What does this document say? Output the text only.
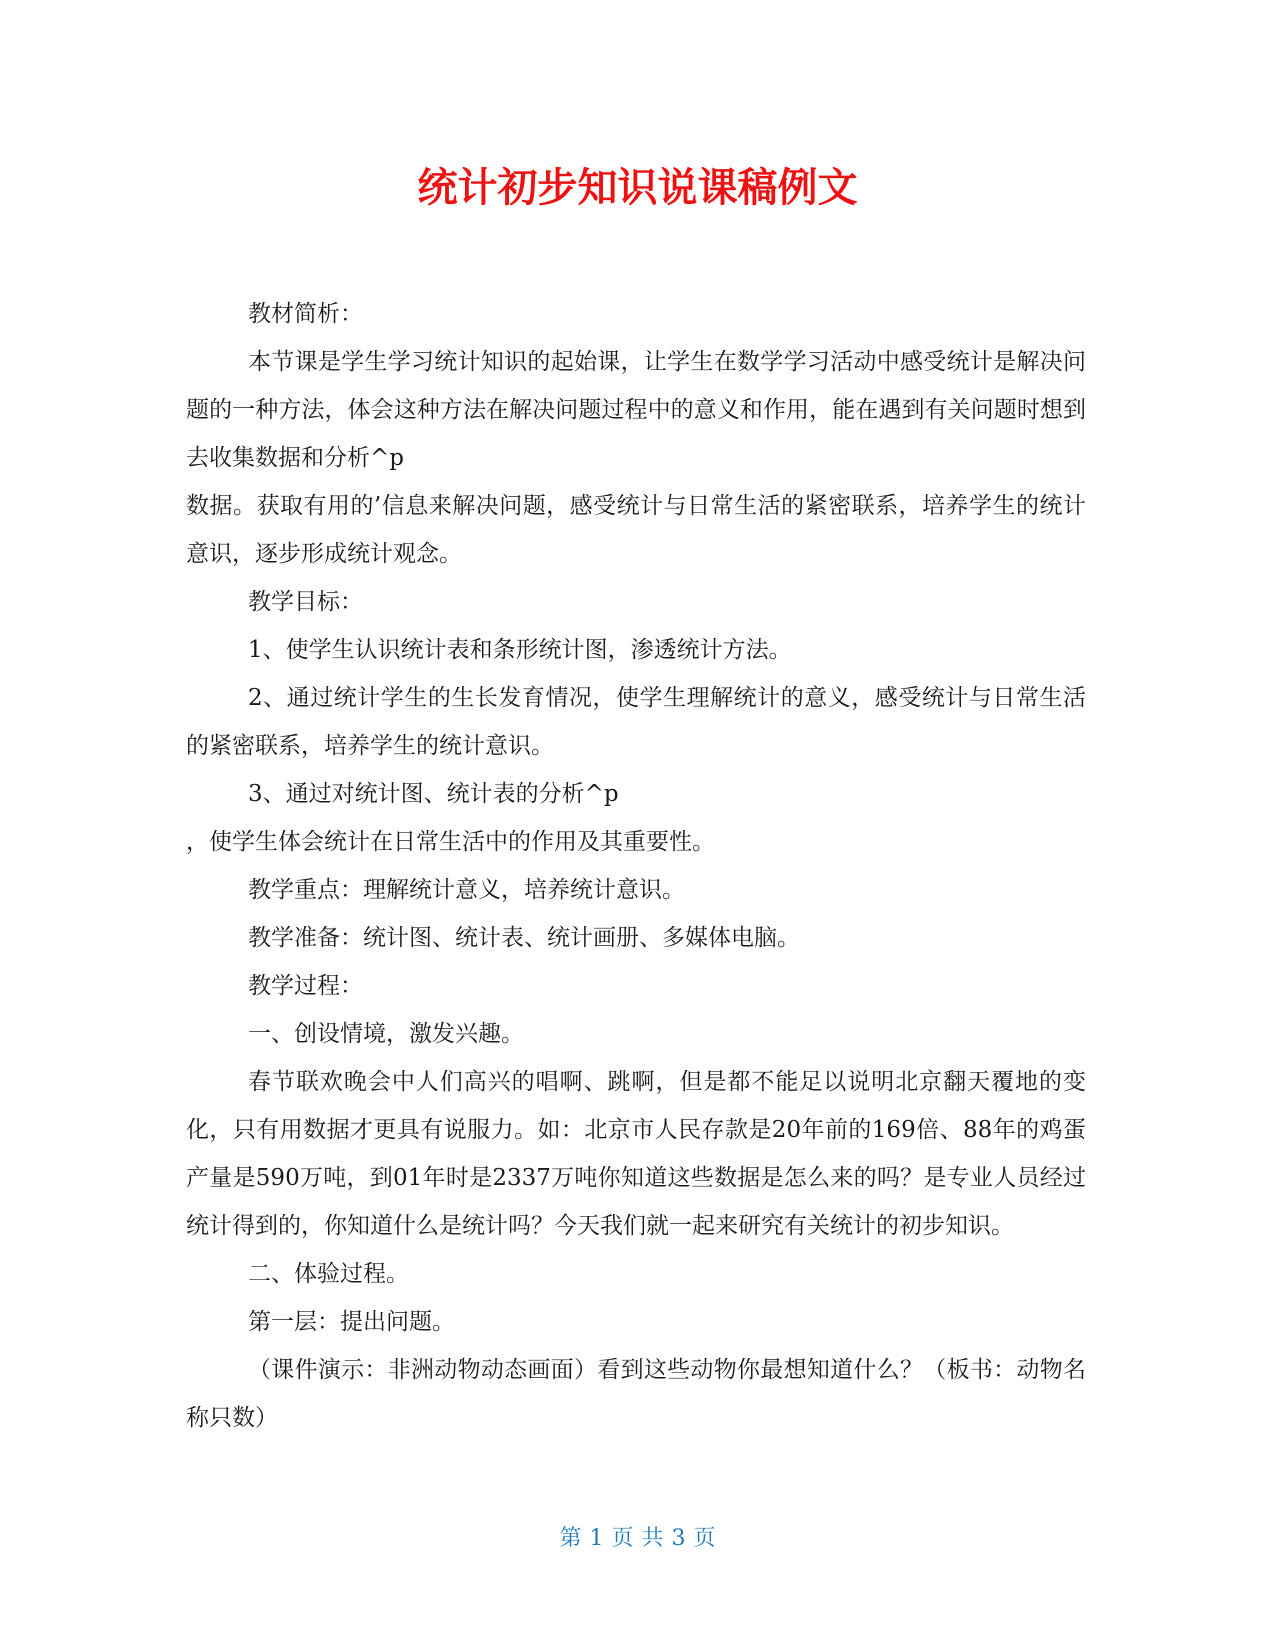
统计初步知识说课稿例文

教材简析：

本节课是学生学习统计知识的起始课，让学生在数学学习活动中感受统计是解决问题的一种方法，体会这种方法在解决问题过程中的意义和作用，能在遇到有关问题时想到去收集数据和分析^p

数据。获取有用的’信息来解决问题，感受统计与日常生活的紧密联系，培养学生的统计意识，逐步形成统计观念。

教学目标：

1、使学生认识统计表和条形统计图，渗透统计方法。

2、通过统计学生的生长发育情况，使学生理解统计的意义，感受统计与日常生活的紧密联系，培养学生的统计意识。

3、通过对统计图、统计表的分析^p

，使学生体会统计在日常生活中的作用及其重要性。

教学重点：理解统计意义，培养统计意识。

教学准备：统计图、统计表、统计画册、多媒体电脑。

教学过程：

一、创设情境，激发兴趣。

春节联欢晚会中人们高兴的唱啊、跳啊，但是都不能足以说明北京翻天覆地的变化，只有用数据才更具有说服力。如：北京市人民存款是20年前的169倍、88年的鸡蛋产量是590万吨，到01年时是2337万吨你知道这些数据是怎么来的吗？是专业人员经过统计得到的，你知道什么是统计吗？今天我们就一起来研究有关统计的初步知识。

二、体验过程。

第一层：提出问题。

（课件演示：非洲动物动态画面）看到这些动物你最想知道什么？（板书：动物名称只数）

第 1 页 共 3 页
